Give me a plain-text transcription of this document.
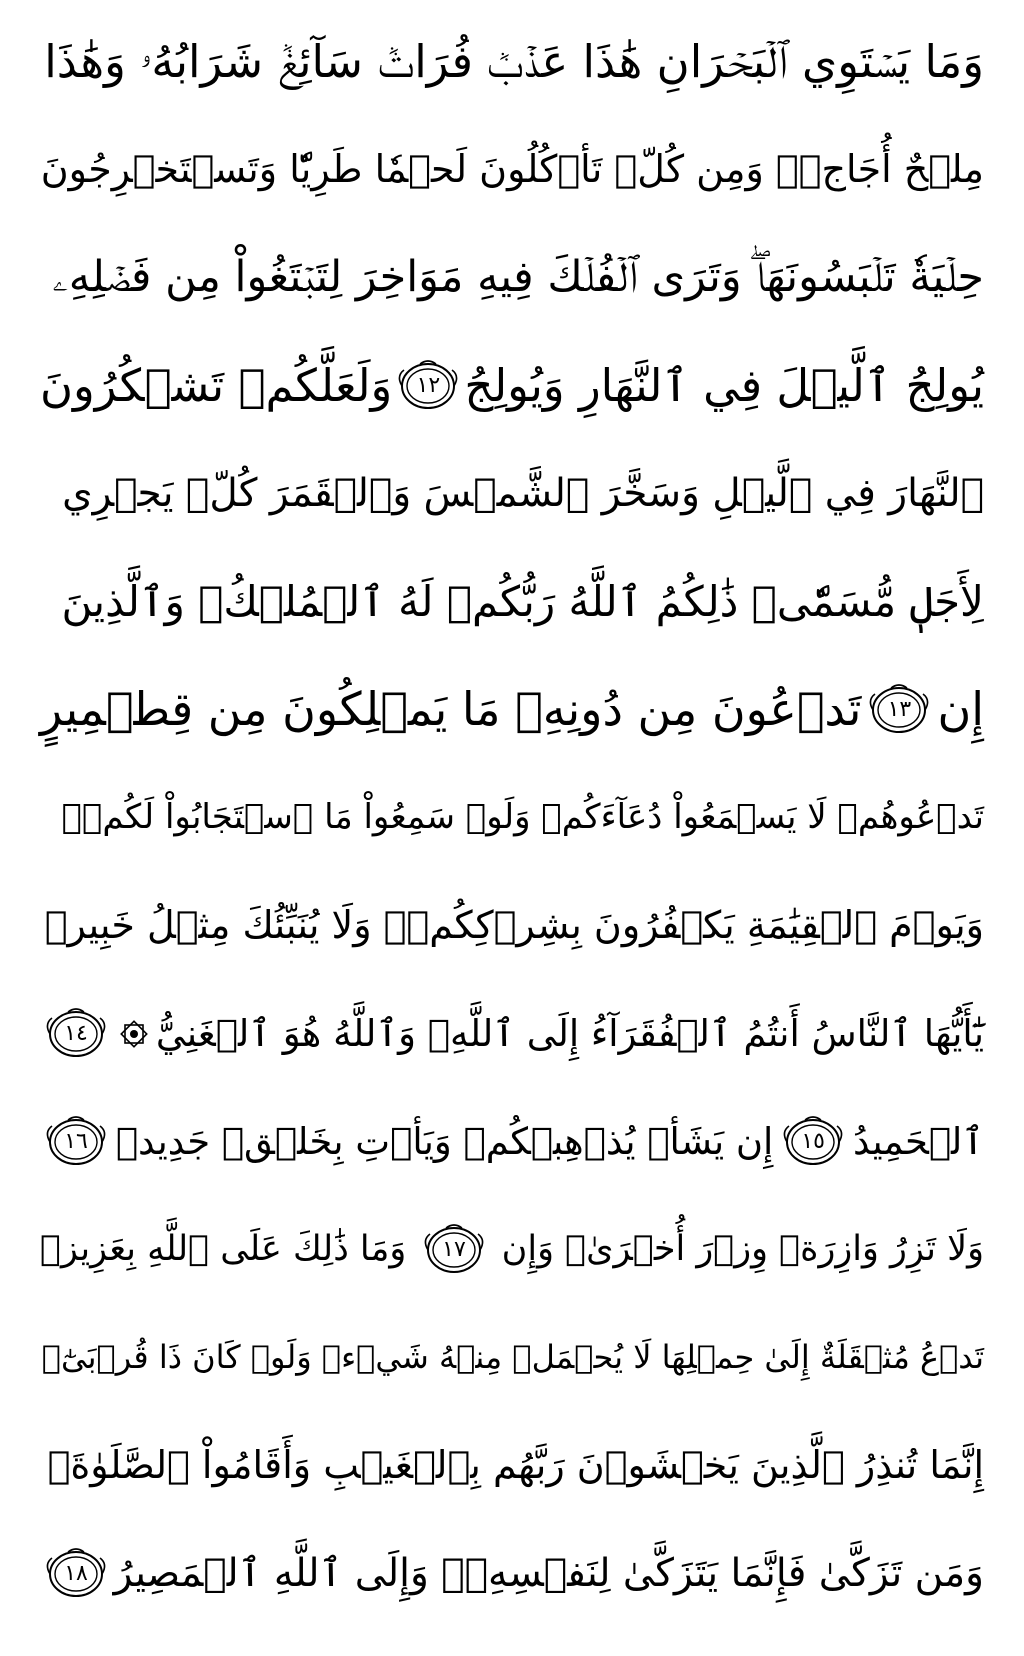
وَمَا يَسۡتَوِي ٱلۡبَحۡرَانِ هَٰذَا عَذۡبٞ فُرَاتٞ سَآئِغٞ شَرَابُهُۥ وَهَٰذَا
مِلۡحٌ أُجَاجٞۖ وَمِن كُلّٖ تَأۡكُلُونَ لَحۡمٗا طَرِيّٗا وَتَسۡتَخۡرِجُونَ
حِلۡيَةٗ تَلۡبَسُونَهَاۖ وَتَرَى ٱلۡفُلۡكَ فِيهِ مَوَاخِرَ لِتَبۡتَغُواْ مِن فَضۡلِهِۦ
يُولِجُ ٱلَّيۡلَ فِي ٱلنَّهَارِ وَيُولِجُ
١٢
وَلَعَلَّكُمۡ تَشۡكُرُونَ
ٱلنَّهَارَ فِي ٱلَّيۡلِ وَسَخَّرَ ٱلشَّمۡسَ وَٱلۡقَمَرَ كُلّٞ يَجۡرِي
لِأَجَلٖ مُّسَمّٗىۚ ذَٰلِكُمُ ٱللَّهُ رَبُّكُمۡ لَهُ ٱلۡمُلۡكُۚ وَٱلَّذِينَ
إِن
١٣
تَدۡعُونَ مِن دُونِهِۦ مَا يَمۡلِكُونَ مِن قِطۡمِيرٍ
تَدۡعُوهُمۡ لَا يَسۡمَعُواْ دُعَآءَكُمۡ وَلَوۡ سَمِعُواْ مَا ٱسۡتَجَابُواْ لَكُمۡۖ
وَيَوۡمَ ٱلۡقِيَٰمَةِ يَكۡفُرُونَ بِشِرۡكِكُمۡۚ وَلَا يُنَبِّئُكَ مِثۡلُ خَبِيرٖ
يَٰٓأَيُّهَا ٱلنَّاسُ أَنتُمُ ٱلۡفُقَرَآءُ إِلَى ٱللَّهِۖ وَٱللَّهُ هُوَ ٱلۡغَنِيُّ
١٤
ٱلۡحَمِيدُ
١٥
إِن يَشَأۡ يُذۡهِبۡكُمۡ وَيَأۡتِ بِخَلۡقٖ جَدِيدٖ
١٦
وَلَا تَزِرُ وَازِرَةٞ وِزۡرَ أُخۡرَىٰۚ وَإِن
١٧
وَمَا ذَٰلِكَ عَلَى ٱللَّهِ بِعَزِيزٖ
تَدۡعُ مُثۡقَلَةٌ إِلَىٰ حِمۡلِهَا لَا يُحۡمَلۡ مِنۡهُ شَيۡءٞ وَلَوۡ كَانَ ذَا قُرۡبَىٰٓۗ
إِنَّمَا تُنذِرُ ٱلَّذِينَ يَخۡشَوۡنَ رَبَّهُم بِٱلۡغَيۡبِ وَأَقَامُواْ ٱلصَّلَوٰةَۚ
وَمَن تَزَكَّىٰ فَإِنَّمَا يَتَزَكَّىٰ لِنَفۡسِهِۦۚ وَإِلَى ٱللَّهِ ٱلۡمَصِيرُ
١٨
